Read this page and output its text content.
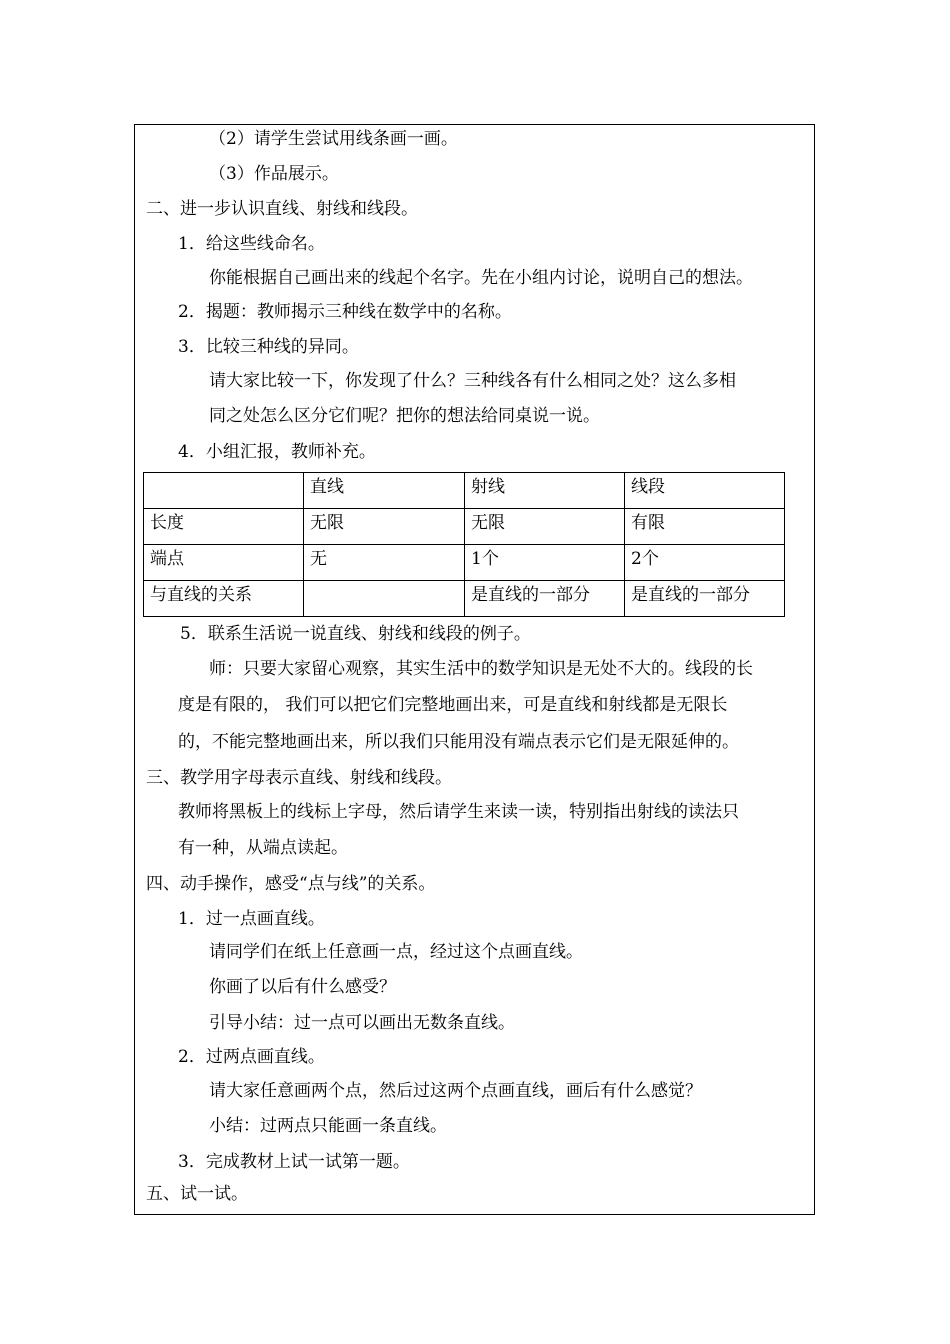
（2）请学生尝试用线条画一画。
（3）作品展示。
二、进一步认识直线、射线和线段。
1．给这些线命名。
你能根据自己画出来的线起个名字。先在小组内讨论，说明自己的想法。
2．揭题：教师揭示三种线在数学中的名称。
3．比较三种线的异同。
请大家比较一下，你发现了什么？三种线各有什么相同之处？这么多相
同之处怎么区分它们呢？把你的想法给同桌说一说。
4．小组汇报，教师补充。
	直线	射线	线段
长度	无限	无限	有限
端点	无	1个	2个
与直线的关系		是直线的一部分	是直线的一部分
5．联系生活说一说直线、射线和线段的例子。
师：只要大家留心观察，其实生活中的数学知识是无处不大的。线段的长
度是有限的， 我们可以把它们完整地画出来，可是直线和射线都是无限长
的，不能完整地画出来，所以我们只能用没有端点表示它们是无限延伸的。
三、教学用字母表示直线、射线和线段。
教师将黑板上的线标上字母，然后请学生来读一读，特别指出射线的读法只
有一种，从端点读起。
四、动手操作，感受“点与线”的关系。
1．过一点画直线。
请同学们在纸上任意画一点，经过这个点画直线。
你画了以后有什么感受？
引导小结：过一点可以画出无数条直线。
2．过两点画直线。
请大家任意画两个点，然后过这两个点画直线，画后有什么感觉？
小结：过两点只能画一条直线。
3．完成教材上试一试第一题。
五、试一试。
